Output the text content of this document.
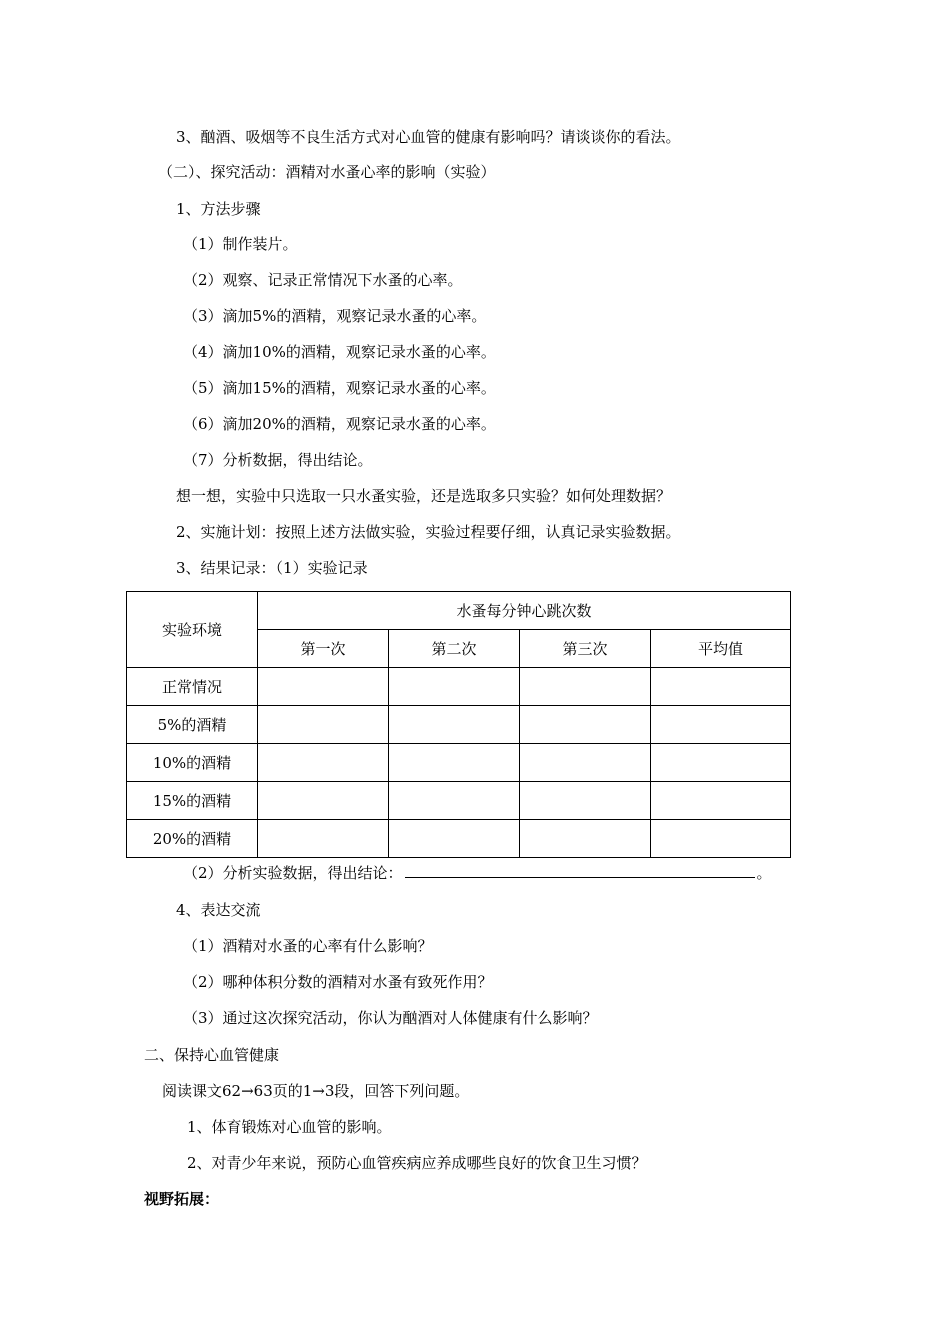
3、酗酒、吸烟等不良生活方式对心血管的健康有影响吗？请谈谈你的看法。
（二）、探究活动：酒精对水蚤心率的影响（实验）
1、方法步骤
（1）制作装片。
（2）观察、记录正常情况下水蚤的心率。
（3）滴加5%的酒精，观察记录水蚤的心率。
（4）滴加10%的酒精，观察记录水蚤的心率。
（5）滴加15%的酒精，观察记录水蚤的心率。
（6）滴加20%的酒精，观察记录水蚤的心率。
（7）分析数据，得出结论。
想一想，实验中只选取一只水蚤实验，还是选取多只实验？如何处理数据？
2、实施计划：按照上述方法做实验，实验过程要仔细，认真记录实验数据。
3、结果记录：（1）实验记录
实验环境	水蚤每分钟心跳次数			
	第一次	第二次	第三次	平均值
正常情况				
5%的酒精				
10%的酒精				
15%的酒精				
20%的酒精				
（2）分析实验数据，得出结论：	。
4、表达交流
（1）酒精对水蚤的心率有什么影响？
（2）哪种体积分数的酒精对水蚤有致死作用？
（3）通过这次探究活动，你认为酗酒对人体健康有什么影响？
二、保持心血管健康
阅读课文62→63页的1→3段，回答下列问题。
1、体育锻炼对心血管的影响。
2、对青少年来说，预防心血管疾病应养成哪些良好的饮食卫生习惯？
视野拓展：
